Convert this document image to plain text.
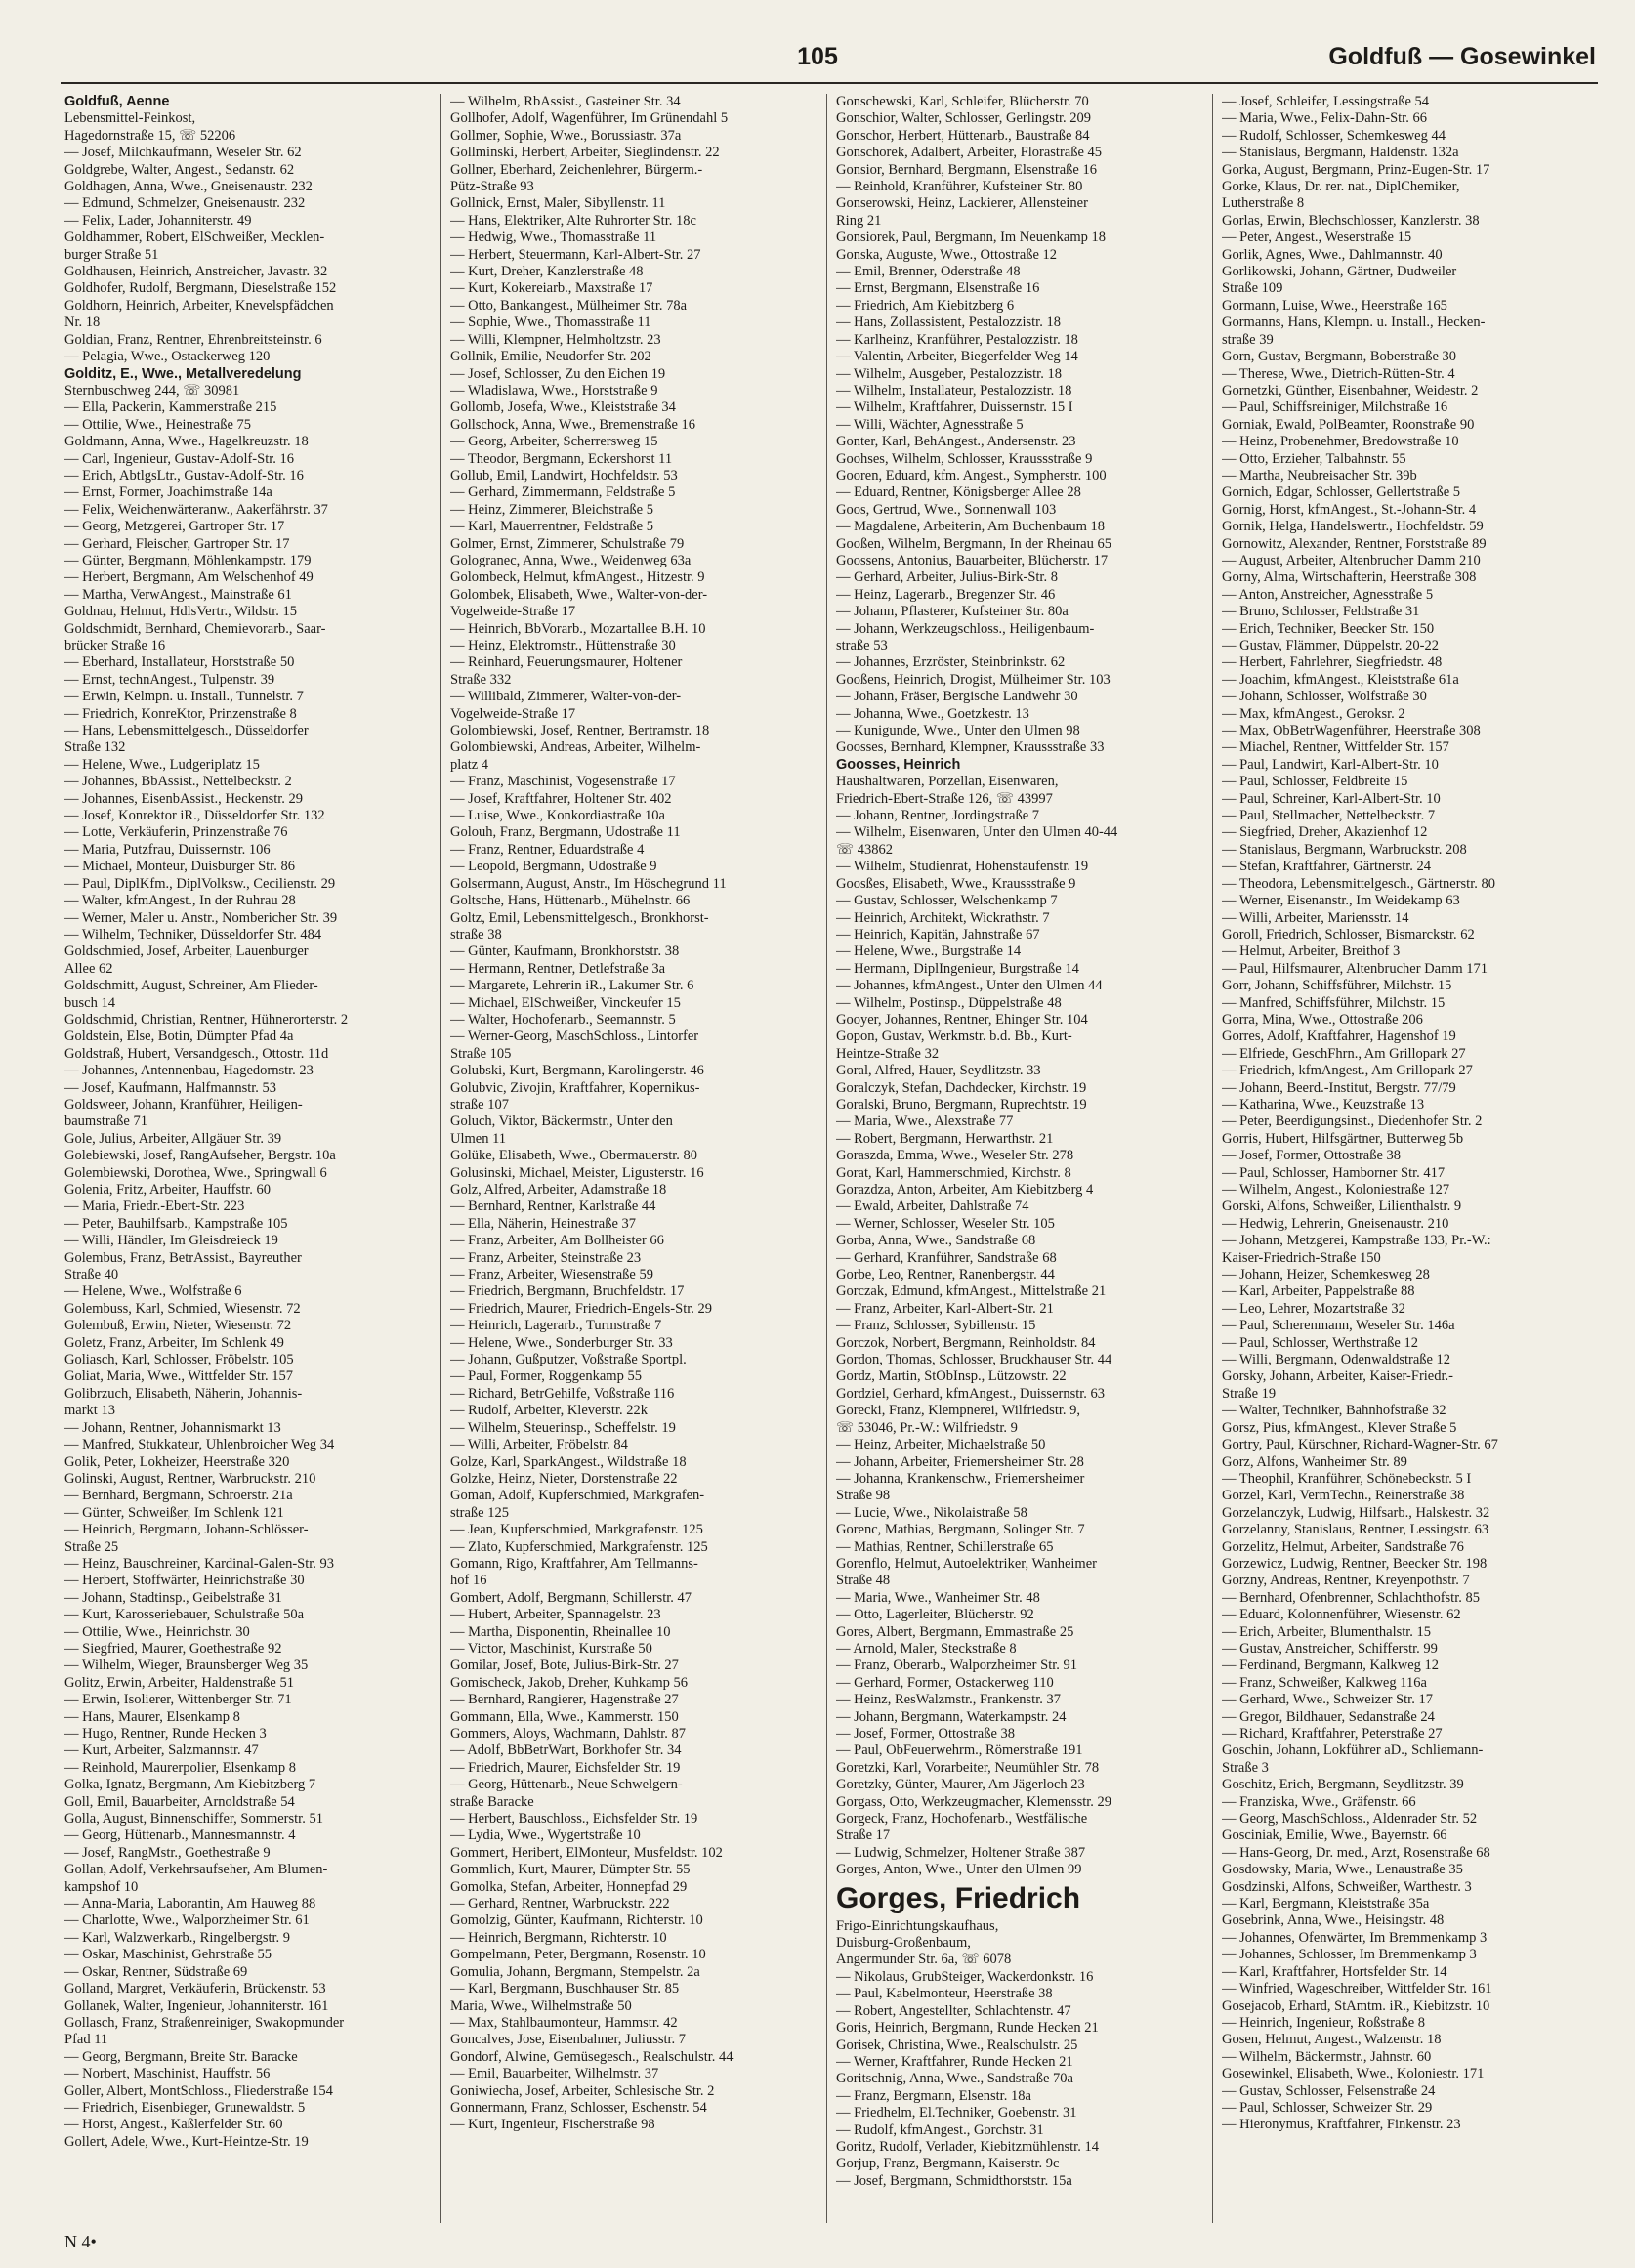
105	Goldfuß — Gosewinkel
Goldfuß, Aenne
Lebensmittel-Feinkost,
Hagedornstraße 15, ☏ 52206
— Josef, Milchkaufmann, Weseler Str. 62
Goldgrebe, Walter, Angest., Sedanstr. 62
Goldhagen, Anna, Wwe., Gneisenaustr. 232
— Edmund, Schmelzer, Gneisenaustr. 232
— Felix, Lader, Johanniterstr. 49
Goldhammer, Robert, ElSchweißer, Mecklen-
burger Straße 51
Goldhausen, Heinrich, Anstreicher, Javastr. 32
Goldhofer, Rudolf, Bergmann, Dieselstraße 152
Goldhorn, Heinrich, Arbeiter, Knevelspfädchen
Nr. 18
Goldian, Franz, Rentner, Ehrenbreitsteinstr. 6
— Pelagia, Wwe., Ostackerweg 120
Golditz, E., Wwe., Metallveredelung
Sternbuschweg 244, ☏ 30981
— Ella, Packerin, Kammerstraße 215
— Ottilie, Wwe., Heinestraße 75
Goldmann, Anna, Wwe., Hagelkreuzstr. 18
— Carl, Ingenieur, Gustav-Adolf-Str. 16
— Erich, AbtlgsLtr., Gustav-Adolf-Str. 16
— Ernst, Former, Joachimstraße 14a
— Felix, Weichenwärteranw., Aakerfährstr. 37
— Georg, Metzgerei, Gartroper Str. 17
— Gerhard, Fleischer, Gartroper Str. 17
— Günter, Bergmann, Möhlenkampstr. 179
— Herbert, Bergmann, Am Welschenhof 49
— Martha, VerwAngest., Mainstraße 61
Goldnau, Helmut, HdlsVertr., Wildstr. 15
Goldschmidt, Bernhard, Chemievorarb., Saar-
brücker Straße 16
— Eberhard, Installateur, Horststraße 50
— Ernst, technAngest., Tulpenstr. 39
— Erwin, Kelmpn. u. Install., Tunnelstr. 7
— Friedrich, KonreKtor, Prinzenstraße 8
— Hans, Lebensmittelgesch., Düsseldorfer
Straße 132
— Helene, Wwe., Ludgeriplatz 15
— Johannes, BbAssist., Nettelbeckstr. 2
— Johannes, EisenbAssist., Heckenstr. 29
— Josef, Konrektor iR., Düsseldorfer Str. 132
— Lotte, Verkäuferin, Prinzenstraße 76
— Maria, Putzfrau, Duissernstr. 106
— Michael, Monteur, Duisburger Str. 86
— Paul, DiplKfm., DiplVolksw., Cecilienstr. 29
— Walter, kfmAngest., In der Ruhrau 28
— Werner, Maler u. Anstr., Nombericher Str. 39
— Wilhelm, Techniker, Düsseldorfer Str. 484
Goldschmied, Josef, Arbeiter, Lauenburger
Allee 62
Goldschmitt, August, Schreiner, Am Flieder-
busch 14
Goldschmid, Christian, Rentner, Hühnerorterstr. 2
Goldstein, Else, Botin, Dümpter Pfad 4a
Goldstraß, Hubert, Versandgesch., Ottostr. 11d
— Johannes, Antennenbau, Hagedornstr. 23
— Josef, Kaufmann, Halfmannstr. 53
Goldsweer, Johann, Kranführer, Heiligen-
baumstraße 71
Gole, Julius, Arbeiter, Allgäuer Str. 39
Golebiewski, Josef, RangAufseher, Bergstr. 10a
Golembiewski, Dorothea, Wwe., Springwall 6
Golenia, Fritz, Arbeiter, Hauffstr. 60
— Maria, Friedr.-Ebert-Str. 223
— Peter, Bauhilfsarb., Kampstraße 105
— Willi, Händler, Im Gleisdreieck 19
Golembus, Franz, BetrAssist., Bayreuther
Straße 40
— Helene, Wwe., Wolfstraße 6
Golembuss, Karl, Schmied, Wiesenstr. 72
Golembuß, Erwin, Nieter, Wiesenstr. 72
Goletz, Franz, Arbeiter, Im Schlenk 49
Goliasch, Karl, Schlosser, Fröbelstr. 105
Goliat, Maria, Wwe., Wittfelder Str. 157
Golibrzuch, Elisabeth, Näherin, Johannis-
markt 13
— Johann, Rentner, Johannismarkt 13
— Manfred, Stukkateur, Uhlenbroicher Weg 34
Golik, Peter, Lokheizer, Heerstraße 320
Golinski, August, Rentner, Warbruckstr. 210
— Bernhard, Bergmann, Schroerstr. 21a
— Günter, Schweißer, Im Schlenk 121
— Heinrich, Bergmann, Johann-Schlösser-
Straße 25
— Heinz, Bauschreiner, Kardinal-Galen-Str. 93
— Herbert, Stoffwärter, Heinrichstraße 30
— Johann, Stadtinsp., Geibelstraße 31
— Kurt, Karosseriebauer, Schulstraße 50a
— Ottilie, Wwe., Heinrichstr. 30
— Siegfried, Maurer, Goethestraße 92
— Wilhelm, Wieger, Braunsberger Weg 35
Golitz, Erwin, Arbeiter, Haldenstraße 51
— Erwin, Isolierer, Wittenberger Str. 71
— Hans, Maurer, Elsenkamp 8
— Hugo, Rentner, Runde Hecken 3
— Kurt, Arbeiter, Salzmannstr. 47
— Reinhold, Maurerpolier, Elsenkamp 8
Golka, Ignatz, Bergmann, Am Kiebitzberg 7
Goll, Emil, Bauarbeiter, Arnoldstraße 54
Golla, August, Binnenschiffer, Sommerstr. 51
— Georg, Hüttenarb., Mannesmannstr. 4
— Josef, RangMstr., Goethestraße 9
Gollan, Adolf, Verkehrsaufseher, Am Blumen-
kampshof 10
— Anna-Maria, Laborantin, Am Hauweg 88
— Charlotte, Wwe., Walporzheimer Str. 61
— Karl, Walzwerkarb., Ringelbergstr. 9
— Oskar, Maschinist, Gehrstraße 55
— Oskar, Rentner, Südstraße 69
Golland, Margret, Verkäuferin, Brückenstr. 53
Gollanek, Walter, Ingenieur, Johanniterstr. 161
Gollasch, Franz, Straßenreiniger, Swakopmunder
Pfad 11
— Georg, Bergmann, Breite Str. Baracke
— Norbert, Maschinist, Hauffstr. 56
Goller, Albert, MontSchloss., Fliederstraße 154
— Friedrich, Eisenbieger, Grunewaldstr. 5
— Horst, Angest., Kaßlerfelder Str. 60
Gollert, Adele, Wwe., Kurt-Heintze-Str. 19
— Wilhelm, RbAssist., Gasteiner Str. 34
Gollhofer, Adolf, Wagenführer, Im Grünendahl 5
Gollmer, Sophie, Wwe., Borussiastr. 37a
Gollminski, Herbert, Arbeiter, Sieglindenstr. 22
Gollner, Eberhard, Zeichenlehrer, Bürgerm.-
Pütz-Straße 93
Gollnick, Ernst, Maler, Sibyllenstr. 11
— Hans, Elektriker, Alte Ruhrorter Str. 18c
— Hedwig, Wwe., Thomasstraße 11
— Herbert, Steuermann, Karl-Albert-Str. 27
— Kurt, Dreher, Kanzlerstraße 48
— Kurt, Kokereiarb., Maxstraße 17
— Otto, Bankangest., Mülheimer Str. 78a
— Sophie, Wwe., Thomasstraße 11
— Willi, Klempner, Helmholtzstr. 23
Gollnik, Emilie, Neudorfer Str. 202
— Josef, Schlosser, Zu den Eichen 19
— Wladislawa, Wwe., Horststraße 9
Gollomb, Josefa, Wwe., Kleiststraße 34
Gollschock, Anna, Wwe., Bremenstraße 16
— Georg, Arbeiter, Scherrersweg 15
— Theodor, Bergmann, Eckershorst 11
Gollub, Emil, Landwirt, Hochfeldstr. 53
— Gerhard, Zimmermann, Feldstraße 5
— Heinz, Zimmerer, Bleichstraße 5
— Karl, Mauerrentner, Feldstraße 5
Golmer, Ernst, Zimmerer, Schulstraße 79
Gologranec, Anna, Wwe., Weidenweg 63a
Golombeck, Helmut, kfmAngest., Hitzestr. 9
Golombek, Elisabeth, Wwe., Walter-von-der-
Vogelweide-Straße 17
— Heinrich, BbVorarb., Mozartallee B.H. 10
— Heinz, Elektromstr., Hüttenstraße 30
— Reinhard, Feuerungsmaurer, Holtener
Straße 332
— Willibald, Zimmerer, Walter-von-der-
Vogelweide-Straße 17
Golombiewski, Josef, Rentner, Bertramstr. 18
Golombiewski, Andreas, Arbeiter, Wilhelm-
platz 4
— Franz, Maschinist, Vogesenstraße 17
— Josef, Kraftfahrer, Holtener Str. 402
— Luise, Wwe., Konkordiastraße 10a
Golouh, Franz, Bergmann, Udostraße 11
— Franz, Rentner, Eduardstraße 4
— Leopold, Bergmann, Udostraße 9
Golsermann, August, Anstr., Im Höschegrund 11
Goltsche, Hans, Hüttenarb., Mühelnstr. 66
Goltz, Emil, Lebensmittelgesch., Bronkhorst-
straße 38
— Günter, Kaufmann, Bronkhorststr. 38
— Hermann, Rentner, Detlefstraße 3a
— Margarete, Lehrerin iR., Lakumer Str. 6
— Michael, ElSchweißer, Vinckeufer 15
— Walter, Hochofenarb., Seemannstr. 5
— Werner-Georg, MaschSchloss., Lintorfer
Straße 105
Golubski, Kurt, Bergmann, Karolingerstr. 46
Golubvic, Zivojin, Kraftfahrer, Kopernikus-
straße 107
Goluch, Viktor, Bäckermstr., Unter den
Ulmen 11
Golüke, Elisabeth, Wwe., Obermauerstr. 80
Golusinski, Michael, Meister, Ligusterstr. 16
Golz, Alfred, Arbeiter, Adamstraße 18
— Bernhard, Rentner, Karlstraße 44
— Ella, Näherin, Heinestraße 37
— Franz, Arbeiter, Am Bollheister 66
— Franz, Arbeiter, Steinstraße 23
— Franz, Arbeiter, Wiesenstraße 59
— Friedrich, Bergmann, Bruchfeldstr. 17
— Friedrich, Maurer, Friedrich-Engels-Str. 29
— Heinrich, Lagerarb., Turmstraße 7
— Helene, Wwe., Sonderburger Str. 33
— Johann, Gußputzer, Voßstraße Sportpl.
— Paul, Former, Roggenkamp 55
— Richard, BetrGehilfe, Voßstraße 116
— Rudolf, Arbeiter, Kleverstr. 22k
— Wilhelm, Steuerinsp., Scheffelstr. 19
— Willi, Arbeiter, Fröbelstr. 84
Golze, Karl, SparkAngest., Wildstraße 18
Golzke, Heinz, Nieter, Dorstenstraße 22
Goman, Adolf, Kupferschmied, Markgrafen-
straße 125
— Jean, Kupferschmied, Markgrafenstr. 125
— Zlato, Kupferschmied, Markgrafenstr. 125
Gomann, Rigo, Kraftfahrer, Am Tellmanns-
hof 16
Gombert, Adolf, Bergmann, Schillerstr. 47
— Hubert, Arbeiter, Spannagelstr. 23
— Martha, Disponentin, Rheinallee 10
— Victor, Maschinist, Kurstraße 50
Gomilar, Josef, Bote, Julius-Birk-Str. 27
Gomischeck, Jakob, Dreher, Kuhkamp 56
— Bernhard, Rangierer, Hagenstraße 27
Gommann, Ella, Wwe., Kammerstr. 150
Gommers, Aloys, Wachmann, Dahlstr. 87
— Adolf, BbBetrWart, Borkhofer Str. 34
— Friedrich, Maurer, Eichsfelder Str. 19
— Georg, Hüttenarb., Neue Schwelgern-
straße Baracke
— Herbert, Bauschloss., Eichsfelder Str. 19
— Lydia, Wwe., Wygertstraße 10
Gommert, Heribert, ElMonteur, Musfeldstr. 102
Gommlich, Kurt, Maurer, Dümpter Str. 55
Gomolka, Stefan, Arbeiter, Honnepfad 29
— Gerhard, Rentner, Warbruckstr. 222
Gomolzig, Günter, Kaufmann, Richterstr. 10
— Heinrich, Bergmann, Richterstr. 10
Gompelmann, Peter, Bergmann, Rosenstr. 10
Gomulia, Johann, Bergmann, Stempelstr. 2a
— Karl, Bergmann, Buschhauser Str. 85
Maria, Wwe., Wilhelmstraße 50
— Max, Stahlbaumonteur, Hammstr. 42
Goncalves, Jose, Eisenbahner, Juliusstr. 7
Gondorf, Alwine, Gemüsegesch., Realschulstr. 44
— Emil, Bauarbeiter, Wilhelmstr. 37
Goniwiecha, Josef, Arbeiter, Schlesische Str. 2
Gonnermann, Franz, Schlosser, Eschenstr. 54
— Kurt, Ingenieur, Fischerstraße 98
Gonschewski, Karl, Schleifer, Blücherstr. 70
Gonschior, Walter, Schlosser, Gerlingstr. 209
Gonschor, Herbert, Hüttenarb., Baustraße 84
Gonschorek, Adalbert, Arbeiter, Florastraße 45
Gonsior, Bernhard, Bergmann, Elsenstraße 16
— Reinhold, Kranführer, Kufsteiner Str. 80
Gonserowski, Heinz, Lackierer, Allensteiner
Ring 21
Gonsiorek, Paul, Bergmann, Im Neuenkamp 18
Gonska, Auguste, Wwe., Ottostraße 12
— Emil, Brenner, Oderstraße 48
— Ernst, Bergmann, Elsenstraße 16
— Friedrich, Am Kiebitzberg 6
— Hans, Zollassistent, Pestalozzistr. 18
— Karlheinz, Kranführer, Pestalozzistr. 18
— Valentin, Arbeiter, Biegerfelder Weg 14
— Wilhelm, Ausgeber, Pestalozzistr. 18
— Wilhelm, Installateur, Pestalozzistr. 18
— Wilhelm, Kraftfahrer, Duissernstr. 15 I
— Willi, Wächter, Agnesstraße 5
Gonter, Karl, BehAngest., Andersenstr. 23
Goohses, Wilhelm, Schlosser, Kraussstraße 9
Gooren, Eduard, kfm. Angest., Sympherstr. 100
— Eduard, Rentner, Königsberger Allee 28
Goos, Gertrud, Wwe., Sonnenwall 103
— Magdalene, Arbeiterin, Am Buchenbaum 18
Gooßen, Wilhelm, Bergmann, In der Rheinau 65
Goossens, Antonius, Bauarbeiter, Blücherstr. 17
— Gerhard, Arbeiter, Julius-Birk-Str. 8
— Heinz, Lagerarb., Bregenzer Str. 46
— Johann, Pflasterer, Kufsteiner Str. 80a
— Johann, Werkzeugschloss., Heiligenbaum-
straße 53
— Johannes, Erzröster, Steinbrinkstr. 62
Gooßens, Heinrich, Drogist, Mülheimer Str. 103
— Johann, Fräser, Bergische Landwehr 30
— Johanna, Wwe., Goetzkestr. 13
— Kunigunde, Wwe., Unter den Ulmen 98
Goosses, Bernhard, Klempner, Kraussstraße 33
Goosses, Heinrich
Haushaltwaren, Porzellan, Eisenwaren,
Friedrich-Ebert-Straße 126, ☏ 43997
— Johann, Rentner, Jordingstraße 7
— Wilhelm, Eisenwaren, Unter den Ulmen 40-44
☏ 43862
— Wilhelm, Studienrat, Hohenstaufenstr. 19
Goosßes, Elisabeth, Wwe., Kraussstraße 9
— Gustav, Schlosser, Welschenkamp 7
— Heinrich, Architekt, Wickrathstr. 7
— Heinrich, Kapitän, Jahnstraße 67
— Helene, Wwe., Burgstraße 14
— Hermann, DiplIngenieur, Burgstraße 14
— Johannes, kfmAngest., Unter den Ulmen 44
— Wilhelm, Postinsp., Düppelstraße 48
Gooyer, Johannes, Rentner, Ehinger Str. 104
Gopon, Gustav, Werkmstr. b.d. Bb., Kurt-
Heintze-Straße 32
Goral, Alfred, Hauer, Seydlitzstr. 33
Goralczyk, Stefan, Dachdecker, Kirchstr. 19
Goralski, Bruno, Bergmann, Ruprechtstr. 19
— Maria, Wwe., Alexstraße 77
— Robert, Bergmann, Herwarthstr. 21
Goraszda, Emma, Wwe., Weseler Str. 278
Gorat, Karl, Hammerschmied, Kirchstr. 8
Gorazdza, Anton, Arbeiter, Am Kiebitzberg 4
— Ewald, Arbeiter, Dahlstraße 74
— Werner, Schlosser, Weseler Str. 105
Gorba, Anna, Wwe., Sandstraße 68
— Gerhard, Kranführer, Sandstraße 68
Gorbe, Leo, Rentner, Ranenbergstr. 44
Gorczak, Edmund, kfmAngest., Mittelstraße 21
— Franz, Arbeiter, Karl-Albert-Str. 21
— Franz, Schlosser, Sybillenstr. 15
Gorczok, Norbert, Bergmann, Reinholdstr. 84
Gordon, Thomas, Schlosser, Bruckhauser Str. 44
Gordz, Martin, StObInsp., Lützowstr. 22
Gordziel, Gerhard, kfmAngest., Duissernstr. 63
Gorecki, Franz, Klempnerei, Wilfriedstr. 9,
☏ 53046, Pr.-W.: Wilfriedstr. 9
— Heinz, Arbeiter, Michaelstraße 50
— Johann, Arbeiter, Friemersheimer Str. 28
— Johanna, Krankenschw., Friemersheimer
Straße 98
— Lucie, Wwe., Nikolaistraße 58
Gorenc, Mathias, Bergmann, Solinger Str. 7
— Mathias, Rentner, Schillerstraße 65
Gorenflo, Helmut, Autoelektriker, Wanheimer
Straße 48
— Maria, Wwe., Wanheimer Str. 48
— Otto, Lagerleiter, Blücherstr. 92
Gores, Albert, Bergmann, Emmastraße 25
— Arnold, Maler, Steckstraße 8
— Franz, Oberarb., Walporzheimer Str. 91
— Gerhard, Former, Ostackerweg 110
— Heinz, ResWalzmstr., Frankenstr. 37
— Johann, Bergmann, Waterkampstr. 24
— Josef, Former, Ottostraße 38
— Paul, ObFeuerwehrm., Römerstraße 191
Goretzki, Karl, Vorarbeiter, Neumühler Str. 78
Goretzky, Günter, Maurer, Am Jägerloch 23
Gorgass, Otto, Werkzeugmacher, Klemensstr. 29
Gorgeck, Franz, Hochofenarb., Westfälische
Straße 17
— Ludwig, Schmelzer, Holtener Straße 387
Gorges, Anton, Wwe., Unter den Ulmen 99
Gorges, Friedrich
Frigo-Einrichtungskaufhaus,
Duisburg-Großenbaum,
Angermunder Str. 6a, ☏ 6078
— Nikolaus, GrubSteiger, Wackerdonkstr. 16
— Paul, Kabelmonteur, Heerstraße 38
— Robert, Angestellter, Schlachtenstr. 47
Goris, Heinrich, Bergmann, Runde Hecken 21
Gorisek, Christina, Wwe., Realschulstr. 25
— Werner, Kraftfahrer, Runde Hecken 21
Goritschnig, Anna, Wwe., Sandstraße 70a
— Franz, Bergmann, Elsenstr. 18a
— Friedhelm, El.Techniker, Goebenstr. 31
— Rudolf, kfmAngest., Gorchstr. 31
Goritz, Rudolf, Verlader, Kiebitzmühlenstr. 14
Gorjup, Franz, Bergmann, Kaiserstr. 9c
— Josef, Bergmann, Schmidthorststr. 15a
— Josef, Schleifer, Lessingstraße 54
— Maria, Wwe., Felix-Dahn-Str. 66
— Rudolf, Schlosser, Schemkesweg 44
— Stanislaus, Bergmann, Haldenstr. 132a
Gorka, August, Bergmann, Prinz-Eugen-Str. 17
Gorke, Klaus, Dr. rer. nat., DiplChemiker,
Lutherstraße 8
Gorlas, Erwin, Blechschlosser, Kanzlerstr. 38
— Peter, Angest., Weserstraße 15
Gorlik, Agnes, Wwe., Dahlmannstr. 40
Gorlikowski, Johann, Gärtner, Dudweiler
Straße 109
Gormann, Luise, Wwe., Heerstraße 165
Gormanns, Hans, Klempn. u. Install., Hecken-
straße 39
Gorn, Gustav, Bergmann, Boberstraße 30
— Therese, Wwe., Dietrich-Rütten-Str. 4
Gornetzki, Günther, Eisenbahner, Weidestr. 2
— Paul, Schiffsreiniger, Milchstraße 16
Gorniak, Ewald, PolBeamter, Roonstraße 90
— Heinz, Probenehmer, Bredowstraße 10
— Otto, Erzieher, Talbahnstr. 55
— Martha, Neubreisacher Str. 39b
Gornich, Edgar, Schlosser, Gellertstraße 5
Gornig, Horst, kfmAngest., St.-Johann-Str. 4
Gornik, Helga, Handelswertr., Hochfeldstr. 59
Gornowitz, Alexander, Rentner, Forststraße 89
— August, Arbeiter, Altenbrucher Damm 210
Gorny, Alma, Wirtschafterin, Heerstraße 308
— Anton, Anstreicher, Agnesstraße 5
— Bruno, Schlosser, Feldstraße 31
— Erich, Techniker, Beecker Str. 150
— Gustav, Flämmer, Düppelstr. 20-22
— Herbert, Fahrlehrer, Siegfriedstr. 48
— Joachim, kfmAngest., Kleiststraße 61a
— Johann, Schlosser, Wolfstraße 30
— Max, kfmAngest., Geroksr. 2
— Max, ObBetrWagenführer, Heerstraße 308
— Miachel, Rentner, Wittfelder Str. 157
— Paul, Landwirt, Karl-Albert-Str. 10
— Paul, Schlosser, Feldbreite 15
— Paul, Schreiner, Karl-Albert-Str. 10
— Paul, Stellmacher, Nettelbeckstr. 7
— Siegfried, Dreher, Akazienhof 12
— Stanislaus, Bergmann, Warbruckstr. 208
— Stefan, Kraftfahrer, Gärtnerstr. 24
— Theodora, Lebensmittelgesch., Gärtnerstr. 80
— Werner, Eisenanstr., Im Weidekamp 63
— Willi, Arbeiter, Mariensstr. 14
Goroll, Friedrich, Schlosser, Bismarckstr. 62
— Helmut, Arbeiter, Breithof 3
— Paul, Hilfsmaurer, Altenbrucher Damm 171
Gorr, Johann, Schiffsführer, Milchstr. 15
— Manfred, Schiffsführer, Milchstr. 15
Gorra, Mina, Wwe., Ottostraße 206
Gorres, Adolf, Kraftfahrer, Hagenshof 19
— Elfriede, GeschFhrn., Am Grillopark 27
— Friedrich, kfmAngest., Am Grillopark 27
— Johann, Beerd.-Institut, Bergstr. 77/79
— Katharina, Wwe., Keuzstraße 13
— Peter, Beerdigungsinst., Diedenhofer Str. 2
Gorris, Hubert, Hilfsgärtner, Butterweg 5b
— Josef, Former, Ottostraße 38
— Paul, Schlosser, Hamborner Str. 417
— Wilhelm, Angest., Koloniestraße 127
Gorski, Alfons, Schweißer, Lilienthalstr. 9
— Hedwig, Lehrerin, Gneisenaustr. 210
— Johann, Metzgerei, Kampstraße 133, Pr.-W.:
Kaiser-Friedrich-Straße 150
— Johann, Heizer, Schemkesweg 28
— Karl, Arbeiter, Pappelstraße 88
— Leo, Lehrer, Mozartstraße 32
— Paul, Scherenmann, Weseler Str. 146a
— Paul, Schlosser, Werthstraße 12
— Willi, Bergmann, Odenwaldstraße 12
Gorsky, Johann, Arbeiter, Kaiser-Friedr.-
Straße 19
— Walter, Techniker, Bahnhofstraße 32
Gorsz, Pius, kfmAngest., Klever Straße 5
Gortry, Paul, Kürschner, Richard-Wagner-Str. 67
Gorz, Alfons, Wanheimer Str. 89
— Theophil, Kranführer, Schönebeckstr. 5 I
Gorzel, Karl, VermTechn., Reinerstraße 38
Gorzelanczyk, Ludwig, Hilfsarb., Halskestr. 32
Gorzelanny, Stanislaus, Rentner, Lessingstr. 63
Gorzelitz, Helmut, Arbeiter, Sandstraße 76
Gorzewicz, Ludwig, Rentner, Beecker Str. 198
Gorzny, Andreas, Rentner, Kreyenpothstr. 7
— Bernhard, Ofenbrenner, Schlachthofstr. 85
— Eduard, Kolonnenführer, Wiesenstr. 62
— Erich, Arbeiter, Blumenthalstr. 15
— Gustav, Anstreicher, Schifferstr. 99
— Ferdinand, Bergmann, Kalkweg 12
— Franz, Schweißer, Kalkweg 116a
— Gerhard, Wwe., Schweizer Str. 17
— Gregor, Bildhauer, Sedanstraße 24
— Richard, Kraftfahrer, Peterstraße 27
Goschin, Johann, Lokführer aD., Schliemann-
Straße 3
Goschitz, Erich, Bergmann, Seydlitzstr. 39
— Franziska, Wwe., Gräfenstr. 66
— Georg, MaschSchloss., Aldenrader Str. 52
Gosciniak, Emilie, Wwe., Bayernstr. 66
— Hans-Georg, Dr. med., Arzt, Rosenstraße 68
Gosdowsky, Maria, Wwe., Lenaustraße 35
Gosdzinski, Alfons, Schweißer, Warthestr. 3
— Karl, Bergmann, Kleiststraße 35a
Gosebrink, Anna, Wwe., Heisingstr. 48
— Johannes, Ofenwärter, Im Bremmenkamp 3
— Johannes, Schlosser, Im Bremmenkamp 3
— Karl, Kraftfahrer, Hortsfelder Str. 14
— Winfried, Wageschreiber, Wittfelder Str. 161
Gosejacob, Erhard, StAmtm. iR., Kiebitzstr. 10
— Heinrich, Ingenieur, Roßstraße 8
Gosen, Helmut, Angest., Walzenstr. 18
— Wilhelm, Bäckermstr., Jahnstr. 60
Gosewinkel, Elisabeth, Wwe., Koloniestr. 171
— Gustav, Schlosser, Felsenstraße 24
— Paul, Schlosser, Schweizer Str. 29
— Hieronymus, Kraftfahrer, Finkenstr. 23
N 4•
